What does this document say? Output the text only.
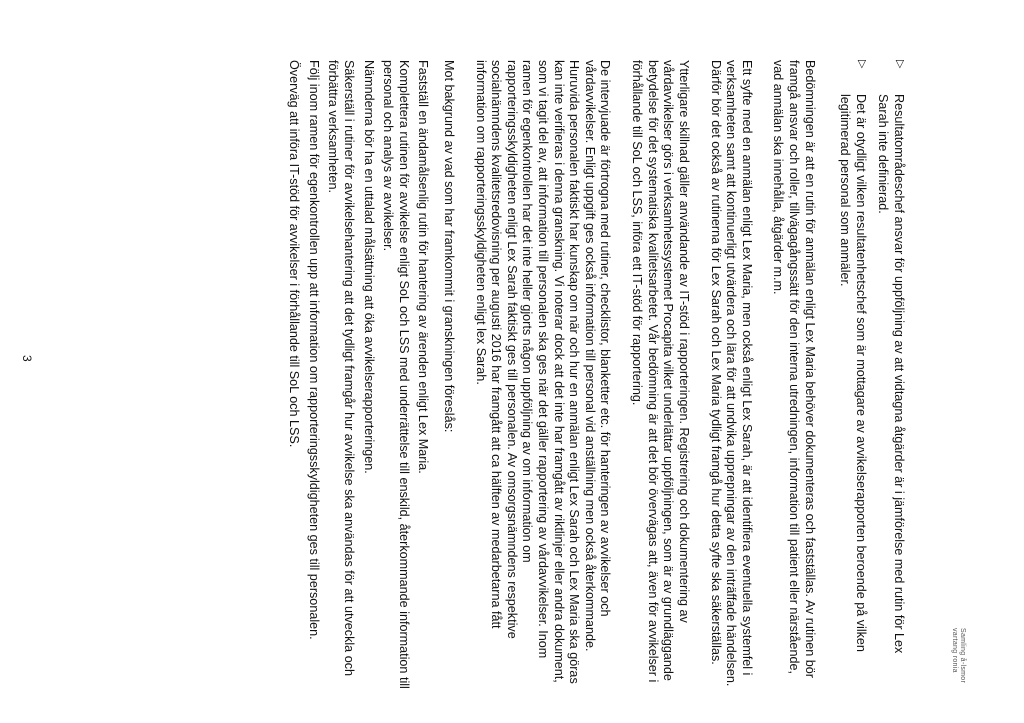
Samling å-lsmor
vartang ronia
▷
Resultatområdeschef ansvar för uppföljning av att vidtagna åtgärder är i jämförelse med rutin för Lex Sarah inte definierad.
▷
Det är otydligt vilken resultatenhetschef som är mottagare av avvikelserapporten beroende på vilken legitimerad personal som anmäler.

Bedömningen är att en rutin för anmälan enligt Lex Maria behöver dokumenteras och fastställas. Av rutinen bör framgå ansvar och roller, tillvägagångssätt för den interna utredningen, information till patient eller närstående, vad anmälan ska innehålla, åtgärder m.m.

Ett syfte med en anmälan enligt Lex Maria, men också enligt Lex Sarah, är att identifiera eventuella systemfel i verksamheten samt att kontinuerligt utvärdera och lära för att undvika upprepningar av den inträffade händelsen. Därför bör det också av rutinerna för Lex Sarah och Lex Maria tydligt framgå hur detta syfte ska säkerställas.

Ytterligare skillnad gäller användande av IT-stöd i rapporteringen. Registrering och dokumentering av vårdavvikelser görs i verksamhetssystemet Procapita vilket underlättar uppföljningen, som är av grundläggande betydelse för det systematiska kvalitetsarbetet. Vår bedömning är att det bör övervägas att, även för avvikelser i förhållande till SoL och LSS, införa ett IT-stöd för rapportering.

De intervjuade är förtrogna med rutiner, checklistor, blanketter etc. för hanteringen av avvikelser och vårdavvikelser. Enligt uppgift ges också information till personal vid anställning men också återkommande. Huruvida personalen faktiskt har kunskap om när och hur en anmälan enligt Lex Sarah och Lex Maria ska göras kan inte verifieras i denna granskning. Vi noterar dock att det inte har framgått av riktlinjer eller andra dokument, som vi tagit del av, att information till personalen ska ges när det gäller rapportering av vårdavvikelser. Inom ramen för egenkontrollen har det inte heller gjorts någon uppföljning av om information om rapporteringsskyldigheten enligt Lex Sarah faktiskt ges till personalen. Av omsorgsnämndens respektive socialnämndens kvalitetsredovisning per augusti 2016 har framgått att ca hälften av medarbetarna fått information om rapporteringsskyldigheten enligt lex Sarah.

Mot bakgrund av vad som har framkommit i granskningen föreslås:

Fastställ en ändamålsenlig rutin för hantering av ärenden enligt Lex Maria.

Komplettera rutinen för avvikelse enligt SoL och LSS med underrättelse till enskild, återkommande information till personal och analys av avvikelser.

Nämnderna bör ha en uttalad målsättning att öka avvikelserapporteringen.

Säkerställ i rutiner för avvikelsehantering att det tydligt framgår hur avvikelse ska användas för att utveckla och förbättra verksamheten.

Följ inom ramen för egenkontrollen upp att information om rapporteringsskyldigheten ges till personalen.

Överväg att införa IT-stöd för avvikelser i förhållande till SoL och LSS.

3
